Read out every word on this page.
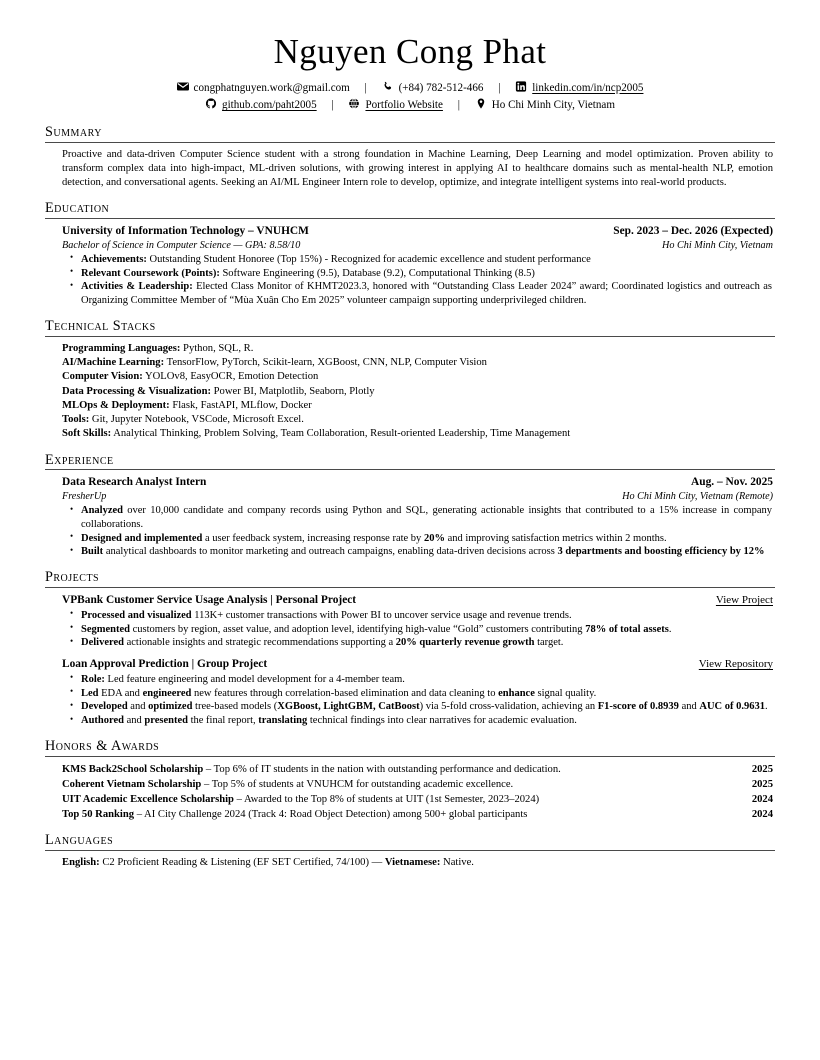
Nguyen Cong Phat
congphatnguyen.work@gmail.com |	(+84) 782-512-466 |	linkedin.com/in/ncp2005
github.com/paht2005 |	Portfolio Website |	Ho Chi Minh City, Vietnam
Summary

Proactive and data-driven Computer Science student with a strong foundation in Machine Learning, Deep Learning and model optimization. Proven ability to transform complex data into high-impact, ML-driven solutions, with growing interest in applying AI to healthcare domains such as mental-health NLP, emotion detection, and conversational agents. Seeking an AI/ML Engineer Intern role to develop, optimize, and integrate intelligent systems into real-world products.

Education
University of Information Technology – VNUHCM	Sep. 2023 – Dec. 2026 (Expected)
Bachelor of Science in Computer Science — GPA: 8.58/10	Ho Chi Minh City, Vietnam
• Achievements: Outstanding Student Honoree (Top 15%) - Recognized for academic excellence and student performance
• Relevant Coursework (Points): Software Engineering (9.5), Database (9.2), Computational Thinking (8.5)
• Activities & Leadership: Elected Class Monitor of KHMT2023.3, honored with “Outstanding Class Leader 2024” award; Coordinated logistics and outreach as Organizing Committee Member of “Mùa Xuân Cho Em 2025” volunteer campaign supporting underprivileged children.
Technical Stacks
Programming Languages: Python, SQL, R.
AI/Machine Learning: TensorFlow, PyTorch, Scikit-learn, XGBoost, CNN, NLP, Computer Vision
Computer Vision: YOLOv8, EasyOCR, Emotion Detection
Data Processing & Visualization: Power BI, Matplotlib, Seaborn, Plotly
MLOps & Deployment: Flask, FastAPI, MLflow, Docker
Tools: Git, Jupyter Notebook, VSCode, Microsoft Excel.
Soft Skills: Analytical Thinking, Problem Solving, Team Collaboration, Result-oriented Leadership, Time Management
Experience
Data Research Analyst Intern	Aug. – Nov. 2025
FresherUp	Ho Chi Minh City, Vietnam (Remote)
• Analyzed over 10,000 candidate and company records using Python and SQL, generating actionable insights that contributed to a 15% increase in company collaborations.
• Designed and implemented a user feedback system, increasing response rate by 20% and improving satisfaction metrics within 2 months.
• Built analytical dashboards to monitor marketing and outreach campaigns, enabling data-driven decisions across 3 departments and boosting efficiency by 12%
Projects
VPBank Customer Service Usage Analysis | Personal Project	View Project
• Processed and visualized 113K+ customer transactions with Power BI to uncover service usage and revenue trends.
• Segmented customers by region, asset value, and adoption level, identifying high-value “Gold” customers contributing 78% of total assets.
• Delivered actionable insights and strategic recommendations supporting a 20% quarterly revenue growth target.
Loan Approval Prediction | Group Project	View Repository
• Role: Led feature engineering and model development for a 4-member team.
• Led EDA and engineered new features through correlation-based elimination and data cleaning to enhance signal quality.
• Developed and optimized tree-based models (XGBoost, LightGBM, CatBoost) via 5-fold cross-validation, achieving an F1-score of 0.8939 and AUC of 0.9631.
• Authored and presented the final report, translating technical findings into clear narratives for academic evaluation.
Honors & Awards
KMS Back2School Scholarship – Top 6% of IT students in the nation with outstanding performance and dedication.	2025
Coherent Vietnam Scholarship – Top 5% of students at VNUHCM for outstanding academic excellence.	2025
UIT Academic Excellence Scholarship – Awarded to the Top 8% of students at UIT (1st Semester, 2023–2024)	2024
Top 50 Ranking – AI City Challenge 2024 (Track 4: Road Object Detection) among 500+ global participants	2024
Languages
English: C2 Proficient Reading & Listening (EF SET Certified, 74/100) — Vietnamese: Native.
